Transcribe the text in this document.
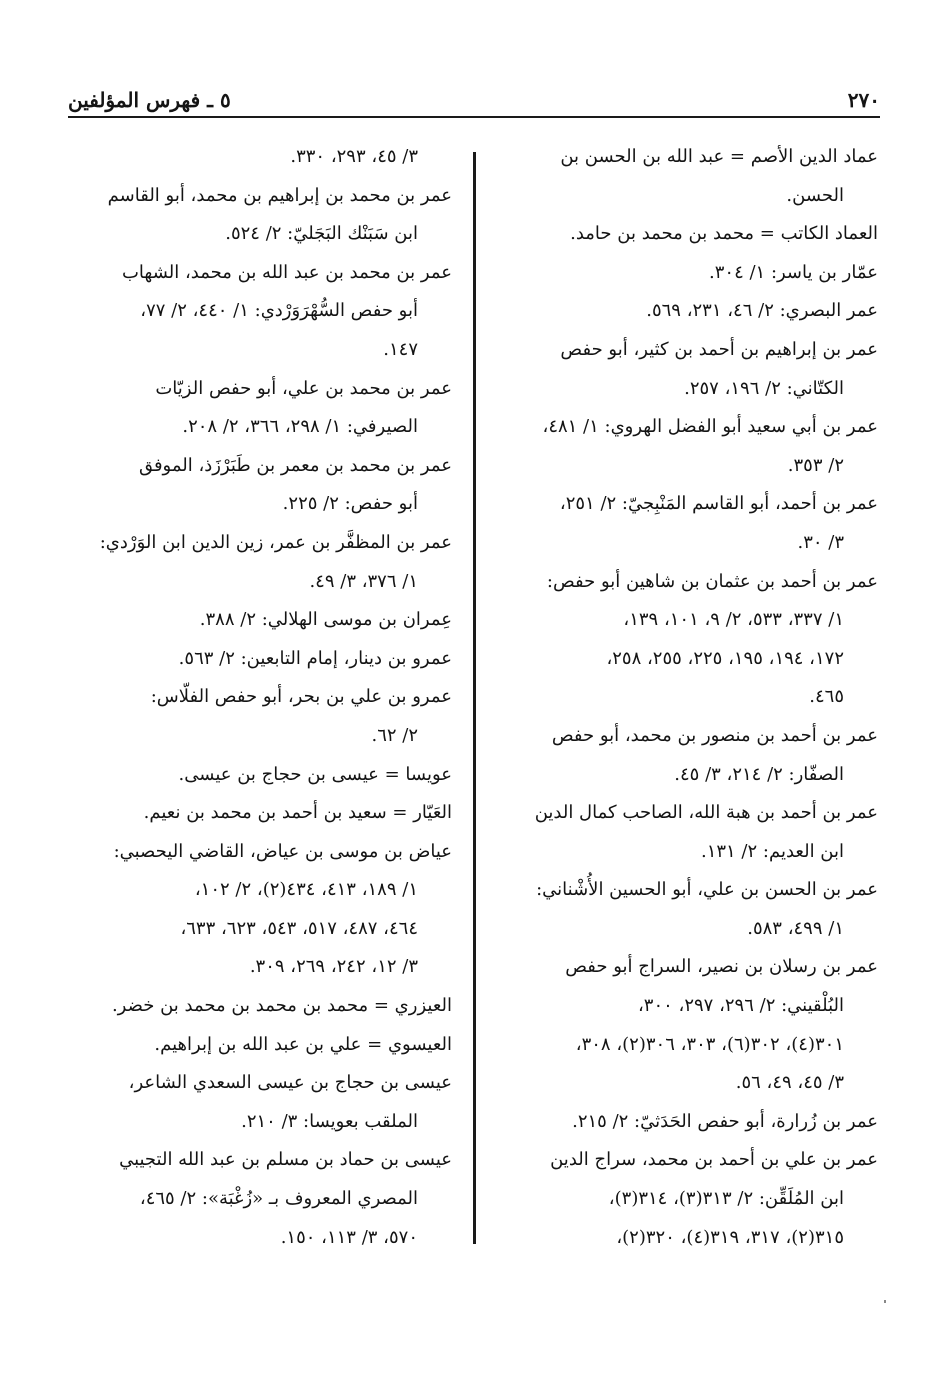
٢٧٠
٥ ـ فهرس المؤلفين
عماد الدين الأصم = عبد الله بن الحسن بن
الحسن.
العماد الكاتب = محمد بن محمد بن حامد.
عمّار بن ياسر: ١/ ٣٠٤.
عمر البصري: ٢/ ٤٦، ٢٣١، ٥٦٩.
عمر بن إبراهيم بن أحمد بن كثير، أبو حفص
الكتّاني: ٢/ ١٩٦، ٢٥٧.
عمر بن أبي سعيد أبو الفضل الهروي: ١/ ٤٨١،
٢/ ٣٥٣.
عمر بن أحمد، أبو القاسم المَنْبِجيّ: ٢/ ٢٥١،
٣/ ٣٠.
عمر بن أحمد بن عثمان بن شاهين أبو حفص:
١/ ٣٣٧، ٥٣٣، ٢/ ٩، ١٠١، ١٣٩،
١٧٢، ١٩٤، ١٩٥، ٢٢٥، ٢٥٥، ٢٥٨،
٤٦٥.
عمر بن أحمد بن منصور بن محمد، أبو حفص
الصفّار: ٢/ ٢١٤، ٣/ ٤٥.
عمر بن أحمد بن هبة الله، الصاحب كمال الدين
ابن العديم: ٢/ ١٣١.
عمر بن الحسن بن علي، أبو الحسين الأُشْناني:
١/ ٤٩٩، ٥٨٣.
عمر بن رسلان بن نصير، السراج أبو حفص
البُلْقيني: ٢/ ٢٩٦، ٢٩٧، ٣٠٠،
٣٠١(٤)، ٣٠٢(٦)، ٣٠٣، ٣٠٦(٢)، ٣٠٨،
٣/ ٤٥، ٤٩، ٥٦.
عمر بن زُرارة، أبو حفص الحَدَثيّ: ٢/ ٢١٥.
عمر بن علي بن أحمد بن محمد، سراج الدين
ابن المُلَقِّن: ٢/ ٣١٣(٣)، ٣١٤(٣)،
٣١٥(٢)، ٣١٧، ٣١٩(٤)، ٣٢٠(٢)،
٣/ ٤٥، ٢٩٣، ٣٣٠.
عمر بن محمد بن إبراهيم بن محمد، أبو القاسم
ابن سَبَنْك البَجَليّ: ٢/ ٥٢٤.
عمر بن محمد بن عبد الله بن محمد، الشهاب
أبو حفص السُّهْرَوَرْدي: ١/ ٤٤٠، ٢/ ٧٧،
١٤٧.
عمر بن محمد بن علي، أبو حفص الزيّات
الصيرفي: ١/ ٢٩٨، ٣٦٦، ٢/ ٢٠٨.
عمر بن محمد بن معمر بن طَبَرْزَذ، الموفق
أبو حفص: ٢/ ٢٢٥.
عمر بن المظفَّر بن عمر، زين الدين ابن الوَرْدي:
١/ ٣٧٦، ٣/ ٤٩.
عِمران بن موسى الهلالي: ٢/ ٣٨٨.
عمرو بن دينار، إمام التابعين: ٢/ ٥٦٣.
عمرو بن علي بن بحر، أبو حفص الفلّاس:
٢/ ٦٢.
عويسا = عيسى بن حجاج بن عيسى.
العَيّار = سعيد بن أحمد بن محمد بن نعيم.
عياض بن موسى بن عياض، القاضي اليحصبي:
١/ ١٨٩، ٤١٣، ٤٣٤(٢)، ٢/ ١٠٢،
٤٦٤، ٤٨٧، ٥١٧، ٥٤٣، ٦٢٣، ٦٣٣،
٣/ ١٢، ٢٤٢، ٢٦٩، ٣٠٩.
العيزري = محمد بن محمد بن محمد بن خضر.
العيسوي = علي بن عبد الله بن إبراهيم.
عيسى بن حجاج بن عيسى السعدي الشاعر،
الملقب بعويسا: ٣/ ٢١٠.
عيسى بن حماد بن مسلم بن عبد الله التجيبي
المصري المعروف بـ «زُغْبَة»: ٢/ ٤٦٥،
٥٧٠، ٣/ ١١٣، ١٥٠.
